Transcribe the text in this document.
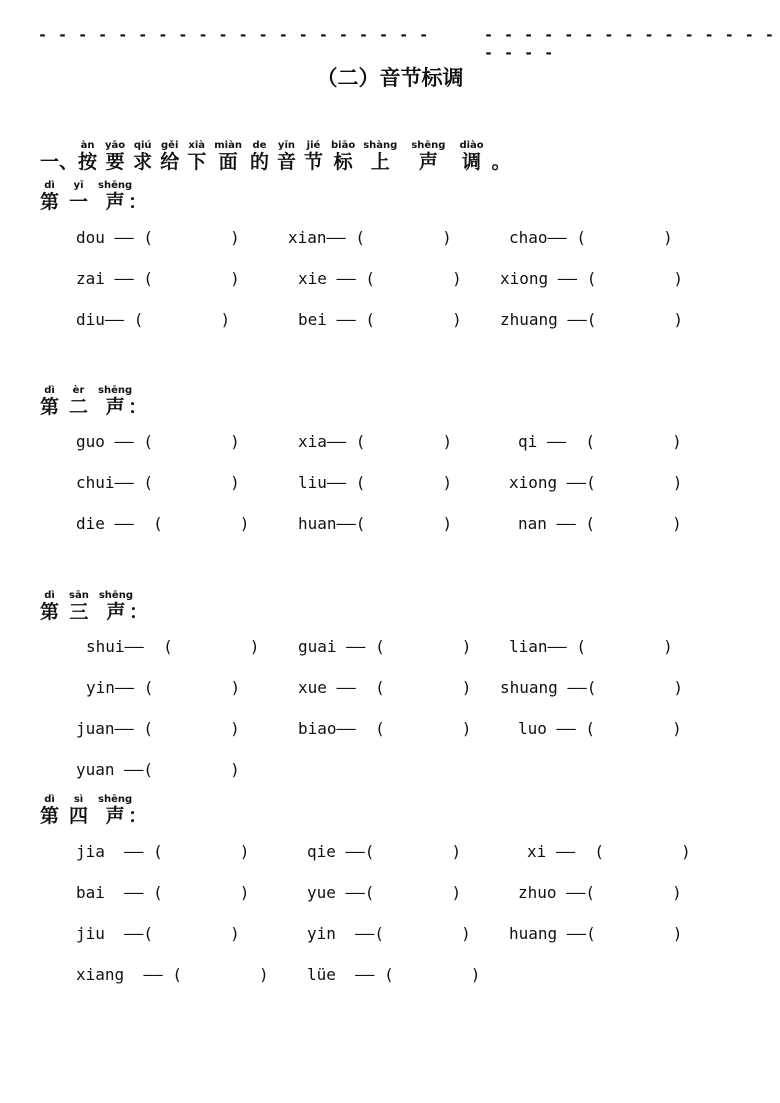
- - - - - - - - - - - - - - - - - - - -	- - - - - - - - - - - - - - - - - - -
（二）音节标调
一、
àn
按
yāo
要
qiú
求
gěi
给
xià
下
miàn
面
de
的
yīn
音
jié
节
biāo
标
shàng
上
shēng
声
diào
调 。
dì
第
yī
一
shēng
声 ：
dou —— (        )	xian—— (        )	chao—— (        )
zai —— (        )	xie —— (        ) xiong —— (        )
diu—— (        )	bei —— (        ) zhuang ——(        )
dì
第
èr
二
shēng
声 ：
guo —— (        )	xia—— (        )	qi ——  (        )
chui—— (        )	liu—— (        )	xiong ——(        )
die ——  (        )	huan——(        )	nan —— (        )
dì
第
sān
三
shēng
声 ：
shui——  (        ) guai —— (        ) lian—— (        )
yin—— (        )	xue ——  (        ) shuang ——(        )
juan—— (        )	biao——  (        )	luo —— (        )
yuan ——(        )
dì
第
sì
四
shēng
声 ：
jia  —— (        )	qie ——(        )	xi ——  (        )
bai  —— (        )	yue ——(        )	zhuo ——(        )
jiu  ——(        )	yin  ——(        ) huang ——(        )
xiang  —— (        ) lüe  —— (        )
